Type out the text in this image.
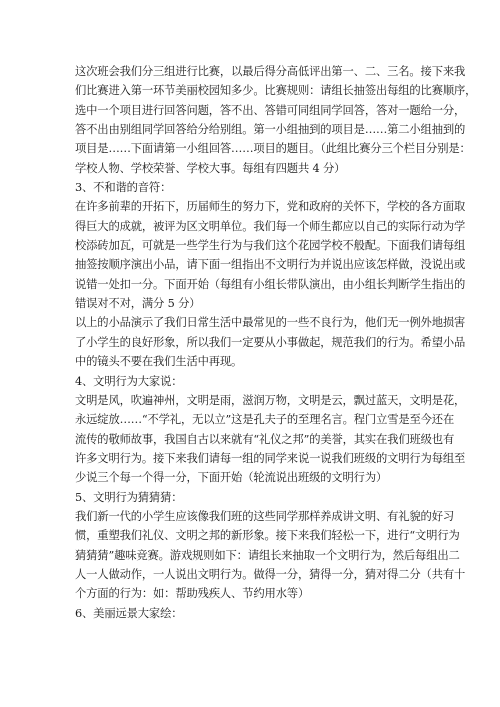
这次班会我们分三组进行比赛，以最后得分高低评出第一、二、三名。接下来我
们比赛进入第一环节美丽校园知多少。比赛规则：请组长抽签出每组的比赛顺序，
选中一个项目进行回答问题，答不出、答错可同组同学回答，答对一题给一分，
答不出由别组同学回答给分给别组。第一小组抽到的项目是……第二小组抽到的
项目是……下面请第一小组回答……项目的题目。（此组比赛分三个栏目分别是：
学校人物、学校荣誉、学校大事。每组有四题共 4 分）
3、不和谐的音符：
在许多前辈的开拓下，历届师生的努力下，党和政府的关怀下，学校的各方面取
得巨大的成就，被评为区文明单位。我们每一个师生都应以自己的实际行动为学
校添砖加瓦，可就是一些学生行为与我们这个花园学校不般配。下面我们请每组
抽签按顺序演出小品，请下面一组指出不文明行为并说出应该怎样做，没说出或
说错一处扣一分。下面开始（每组有小组长带队演出，由小组长判断学生指出的
错误对不对，满分 5 分）
以上的小品演示了我们日常生活中最常见的一些不良行为，他们无一例外地损害
了小学生的良好形象，所以我们一定要从小事做起，规范我们的行为。希望小品
中的镜头不要在我们生活中再现。
4、文明行为大家说：
文明是风，吹遍神州，文明是雨，滋润万物，文明是云，飘过蓝天，文明是花，
永远绽放……“不学礼，无以立”这是孔夫子的至理名言。程门立雪是至今还在
流传的敬师故事，我国自古以来就有“礼仪之邦”的美誉，其实在我们班级也有
许多文明行为。接下来我们请每一组的同学来说一说我们班级的文明行为每组至
少说三个每一个得一分，下面开始（轮流说出班级的文明行为）
5、文明行为猜猜猜：
我们新一代的小学生应该像我们班的这些同学那样养成讲文明、有礼貌的好习
惯，重塑我们礼仪、文明之邦的新形象。接下来我们轻松一下，进行“文明行为
猜猜猜”趣味竞赛。游戏规则如下：请组长来抽取一个文明行为，然后每组出二
人一人做动作，一人说出文明行为。做得一分，猜得一分，猜对得二分（共有十
个方面的行为：如：帮助残疾人、节约用水等）
6、美丽远景大家绘：
